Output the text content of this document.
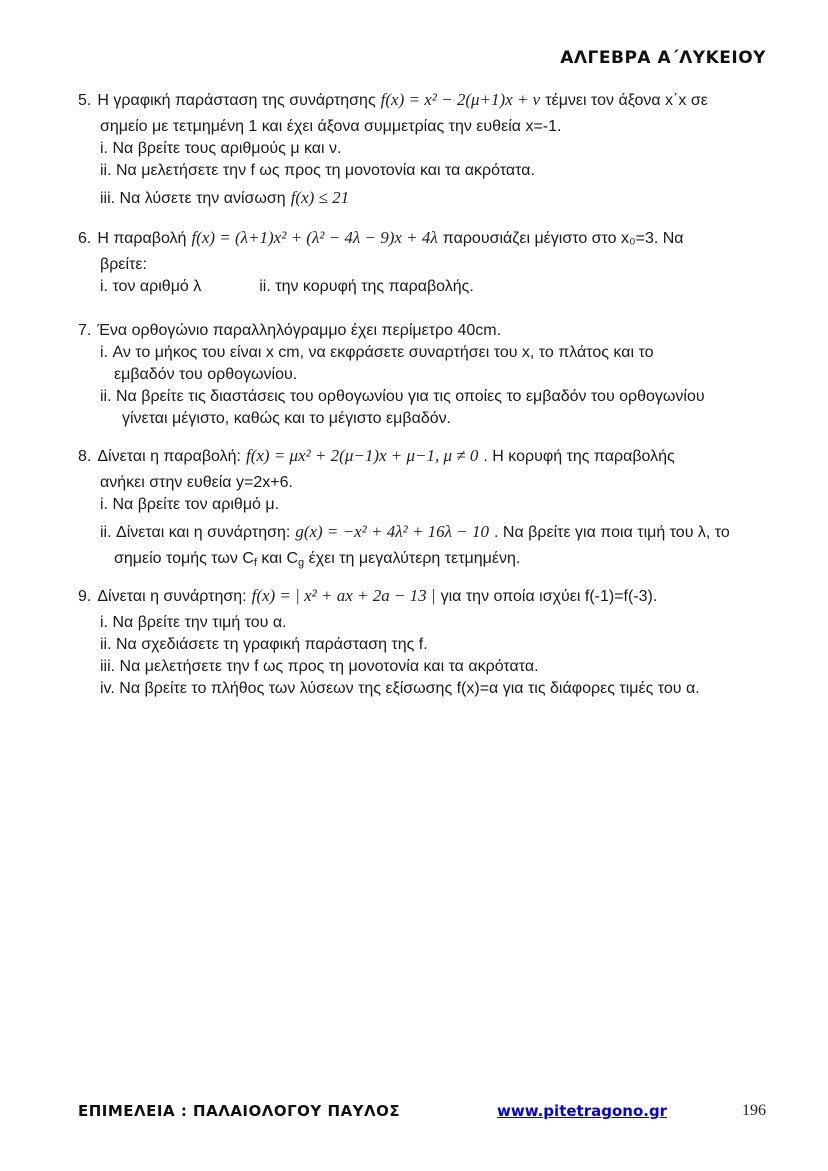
ΑΛΓΕΒΡΑ Α΄ΛΥΚΕΙΟΥ
5. Η γραφική παράσταση της συνάρτησης f(x) = x² − 2(μ+1)x + ν τέμνει τον άξονα x΄x σε
σημείο με τετμημένη 1 και έχει άξονα συμμετρίας την ευθεία x=-1.
i. Να βρείτε τους αριθμούς μ και ν.
ii. Να μελετήσετε την f ως προς τη μονοτονία και τα ακρότατα.
iii. Να λύσετε την ανίσωση f(x) ≤ 21
6. Η παραβολή f(x) = (λ+1)x² + (λ² − 4λ − 9)x + 4λ παρουσιάζει μέγιστο στο x₀=3. Να
βρείτε:
i. τον αριθμό λ	ii. την κορυφή της παραβολής.
7. Ένα ορθογώνιο παραλληλόγραμμο έχει περίμετρο 40cm.
i. Αν το μήκος του είναι x cm, να εκφράσετε συναρτήσει του x, το πλάτος και το
εμβαδόν του ορθογωνίου.
ii. Να βρείτε τις διαστάσεις του ορθογωνίου για τις οποίες το εμβαδόν του ορθογωνίου
γίνεται μέγιστο, καθώς και το μέγιστο εμβαδόν.
8. Δίνεται η παραβολή: f(x) = μx² + 2(μ−1)x + μ−1, μ ≠ 0 . Η κορυφή της παραβολής
ανήκει στην ευθεία y=2x+6.
i. Να βρείτε τον αριθμό μ.
ii. Δίνεται και η συνάρτηση: g(x) = −x² + 4λ² + 16λ − 10 . Να βρείτε για ποια τιμή του λ, το
σημείο τομής των $C_f$ και $C_g$ έχει τη μεγαλύτερη τετμημένη.
9. Δίνεται η συνάρτηση: f(x) = | x² + ax + 2a − 13 | για την οποία ισχύει f(-1)=f(-3).
i. Να βρείτε την τιμή του α.
ii. Να σχεδιάσετε τη γραφική παράσταση της f.
iii. Να μελετήσετε την f ως προς τη μονοτονία και τα ακρότατα.
iv. Να βρείτε το πλήθος των λύσεων της εξίσωσης f(x)=α για τις διάφορες τιμές του α.
ΕΠΙΜΕΛΕΙΑ : ΠΑΛΑΙΟΛΟΓΟΥ ΠΑΥΛΟΣ	www.pitetragono.gr	196
